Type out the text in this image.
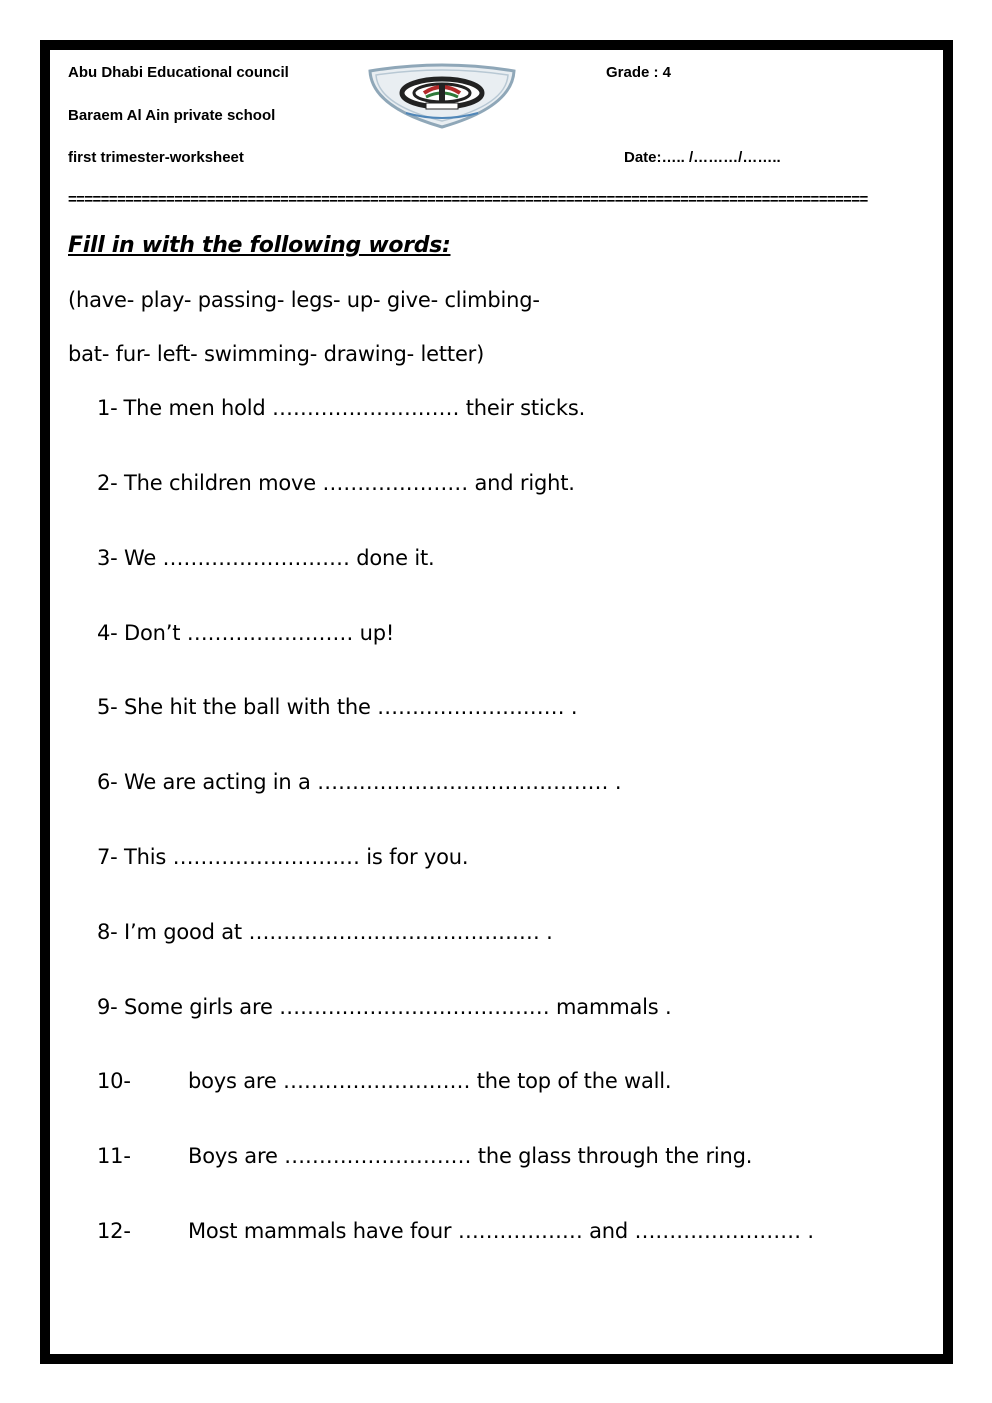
Abu Dhabi Educational council
Baraem Al Ain private school
first trimester-worksheet
Grade : 4
Date:….. /………/……..
==================================================================================================
Fill in with the following words:
(have- play- passing- legs- up- give- climbing-
bat- fur- left- swimming- drawing- letter)
1- The men hold ……………………… their sticks.
2- The children move ………………… and right.
3- We ……………………… done it.
4- Don’t …………………… up!
5- She hit the ball with the ……………………… .
6- We are acting in a …………………………………… .
7- This ……………………… is for you.
8- I’m good at …………………………………… .
9- Some girls are ………………………………… mammals .
10-	boys are ……………………… the top of the wall.
11-	Boys are ……………………… the glass through the ring.
12-	Most mammals have four ……………… and …………………… .
